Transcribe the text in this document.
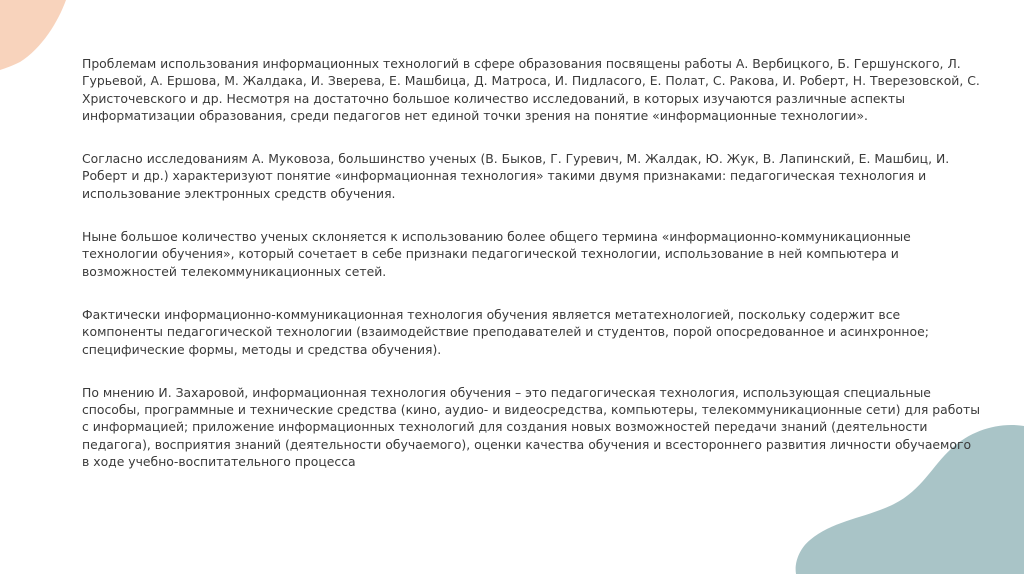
Проблемам использования информационных технологий в сфере образования посвящены работы А. Вербицкого, Б. Гершунского, Л. Гурьевой, А. Ершова, М. Жалдака, И. Зверева, Е. Машбица, Д. Матроса, И. Пидласого, Е. Полат, С. Ракова, И. Роберт, Н. Тверезовской, С. Христочевского и др. Несмотря на достаточно большое количество исследований, в которых изучаются различные аспекты информатизации образования, среди педагогов нет единой точки зрения на понятие «информационные технологии».

Согласно исследованиям А. Муковоза, большинство ученых (В. Быков, Г. Гуревич, М. Жалдак, Ю. Жук, В. Лапинский, Е. Машбиц, И. Роберт и др.) характеризуют понятие «информационная технология» такими двумя признаками: педагогическая технология и использование электронных средств обучения.

Ныне большое количество ученых склоняется к использованию более общего термина «информационно-коммуникационные технологии обучения», который сочетает в себе признаки педагогической технологии, использование в ней компьютера и возможностей телекоммуникационных сетей.

Фактически информационно-коммуникационная технология обучения является метатехнологией, поскольку содержит все компоненты педагогической технологии (взаимодействие преподавателей и студентов, порой опосредованное и асинхронное; специфические формы, методы и средства обучения).

По мнению И. Захаровой, информационная технология обучения – это педагогическая технология, использующая специальные способы, программные и технические средства (кино, аудио- и видеосредства, компьютеры, телекоммуникационные сети) для работы с информацией; приложение информационных технологий для создания новых возможностей передачи знаний (деятельности педагога), восприятия знаний (деятельности обучаемого), оценки качества обучения и всестороннего развития личности обучаемого в ходе учебно-воспитательного процесса
